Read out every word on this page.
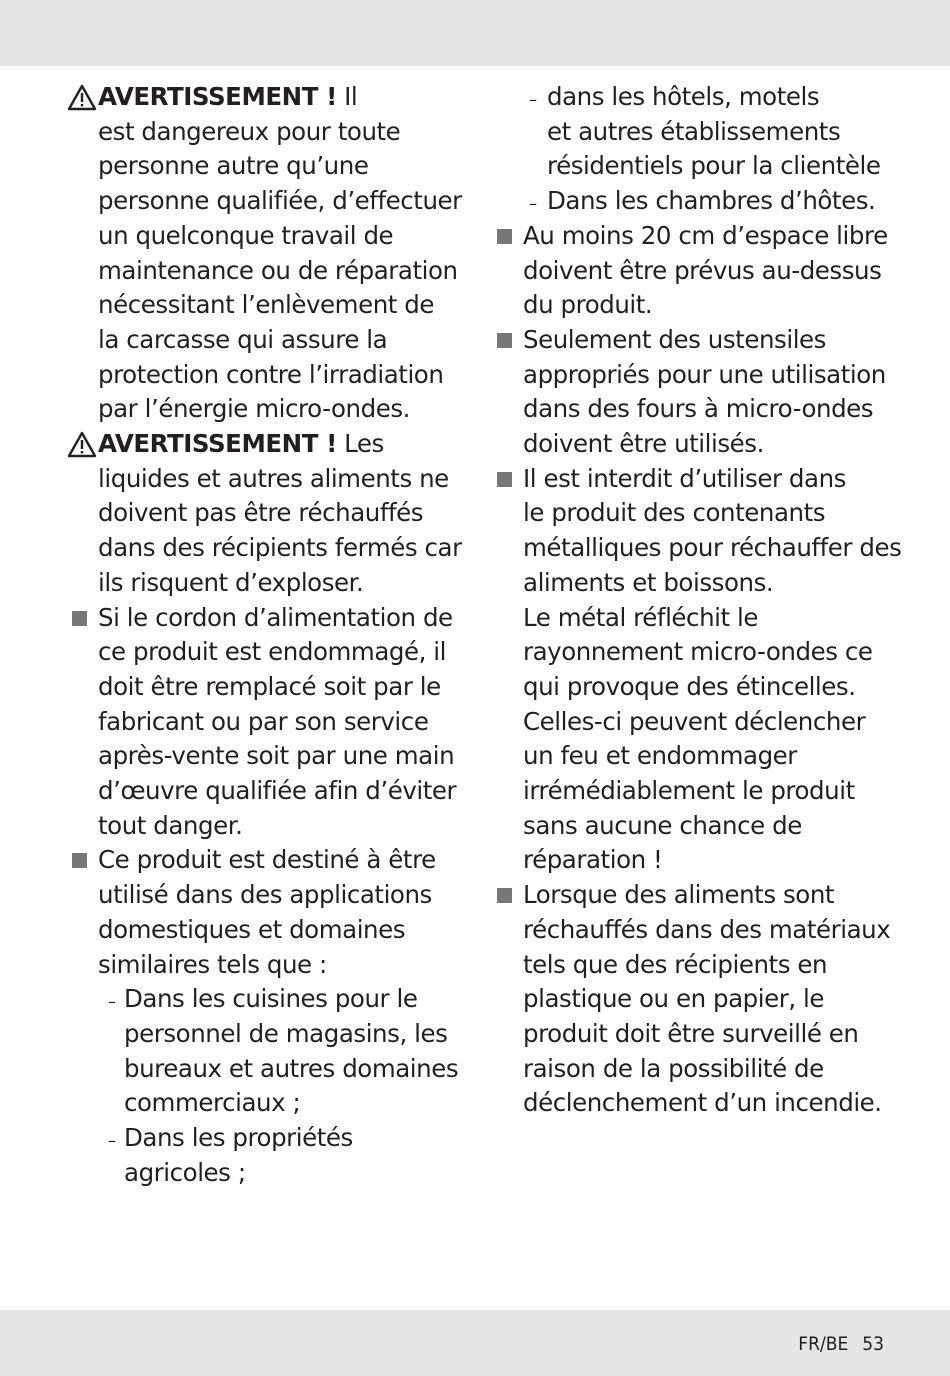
AVERTISSEMENT ! Il
est dangereux pour toute
personne autre qu’une
personne qualifiée, d’effectuer
un quelconque travail de
maintenance ou de réparation
nécessitant l’enlèvement de
la carcasse qui assure la
protection contre l’irradiation
par l’énergie micro-ondes.
AVERTISSEMENT ! Les
liquides et autres aliments ne
doivent pas être réchauffés
dans des récipients fermés car
ils risquent d’exploser.
Si le cordon d’alimentation de
ce produit est endommagé, il
doit être remplacé soit par le
fabricant ou par son service
après-vente soit par une main
d’œuvre qualifiée afin d’éviter
tout danger.
Ce produit est destiné à être
utilisé dans des applications
domestiques et domaines
similaires tels que :
–
Dans les cuisines pour le
personnel de magasins, les
bureaux et autres domaines
commerciaux ;
–
Dans les propriétés
agricoles ;
–
dans les hôtels, motels
et autres établissements
résidentiels pour la clientèle
–
Dans les chambres d’hôtes.
Au moins 20 cm d’espace libre
doivent être prévus au-dessus
du produit.
Seulement des ustensiles
appropriés pour une utilisation
dans des fours à micro-ondes
doivent être utilisés.
Il est interdit d’utiliser dans
le produit des contenants
métalliques pour réchauffer des
aliments et boissons.
Le métal réfléchit le
rayonnement micro-ondes ce
qui provoque des étincelles.
Celles-ci peuvent déclencher
un feu et endommager
irrémédiablement le produit
sans aucune chance de
réparation !
Lorsque des aliments sont
réchauffés dans des matériaux
tels que des récipients en
plastique ou en papier, le
produit doit être surveillé en
raison de la possibilité de
déclenchement d’un incendie.
FR/BE 53
